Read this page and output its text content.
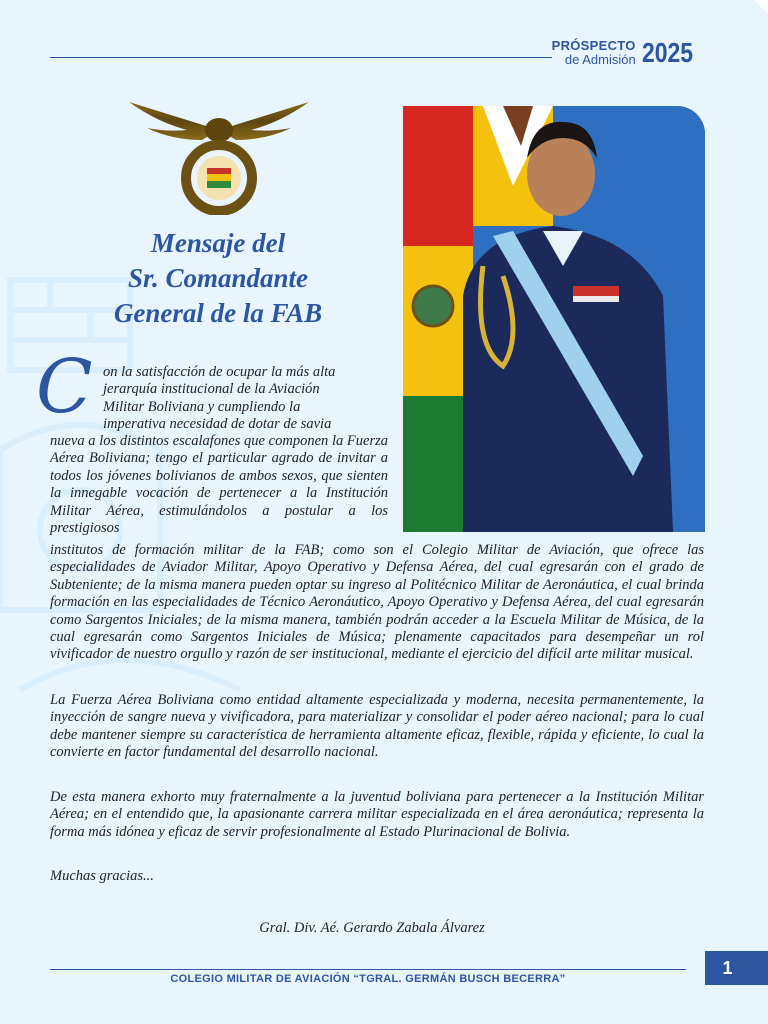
PRÓSPECTO
de Admisión 2025
Mensaje del
Sr. Comandante
General de la FAB
C on la satisfacción de ocupar la más alta
jerarquía institucional de la Aviación
Militar Boliviana y cumpliendo la
imperativa necesidad de dotar de savia
nueva a los distintos escalafones que componen la Fuerza Aérea Boliviana; tengo el particular agrado de invitar a todos los jóvenes bolivianos de ambos sexos, que sienten la innegable vocación de pertenecer a la Institución Militar Aérea, estimulándolos a postular a los prestigiosos
institutos de formación militar de la FAB; como son el Colegio Militar de Aviación, que ofrece las especialidades de Aviador Militar, Apoyo Operativo y Defensa Aérea, del cual egresarán con el grado de Subteniente; de la misma manera pueden optar su ingreso al Politécnico Militar de Aeronáutica, el cual brinda formación en las especialidades de Técnico Aeronáutico, Apoyo Operativo y Defensa Aérea, del cual egresarán como Sargentos Iniciales; de la misma manera, también podrán acceder a la Escuela Militar de Música, de la cual egresarán como Sargentos Iniciales de Música; plenamente capacitados para desempeñar un rol vivificador de nuestro orgullo y razón de ser institucional, mediante el ejercicio del difícil arte militar musical.
La Fuerza Aérea Boliviana como entidad altamente especializada y moderna, necesita permanentemente, la inyección de sangre nueva y vivificadora, para materializar y consolidar el poder aéreo nacional; para lo cual debe mantener siempre su característica de herramienta altamente eficaz, flexible, rápida y eficiente, lo cual la convierte en factor fundamental del desarrollo nacional.
De esta manera exhorto muy fraternalmente a la juventud boliviana para pertenecer a la Institución Militar Aérea; en el entendido que, la apasionante carrera militar especializada en el área aeronáutica; representa la forma más idónea y eficaz de servir profesionalmente al Estado Plurinacional de Bolivia.
Muchas gracias...
Gral. Div. Aé. Gerardo Zabala Álvarez
COLEGIO MILITAR DE AVIACIÓN “TGRAL. GERMÁN BUSCH BECERRA”
1
